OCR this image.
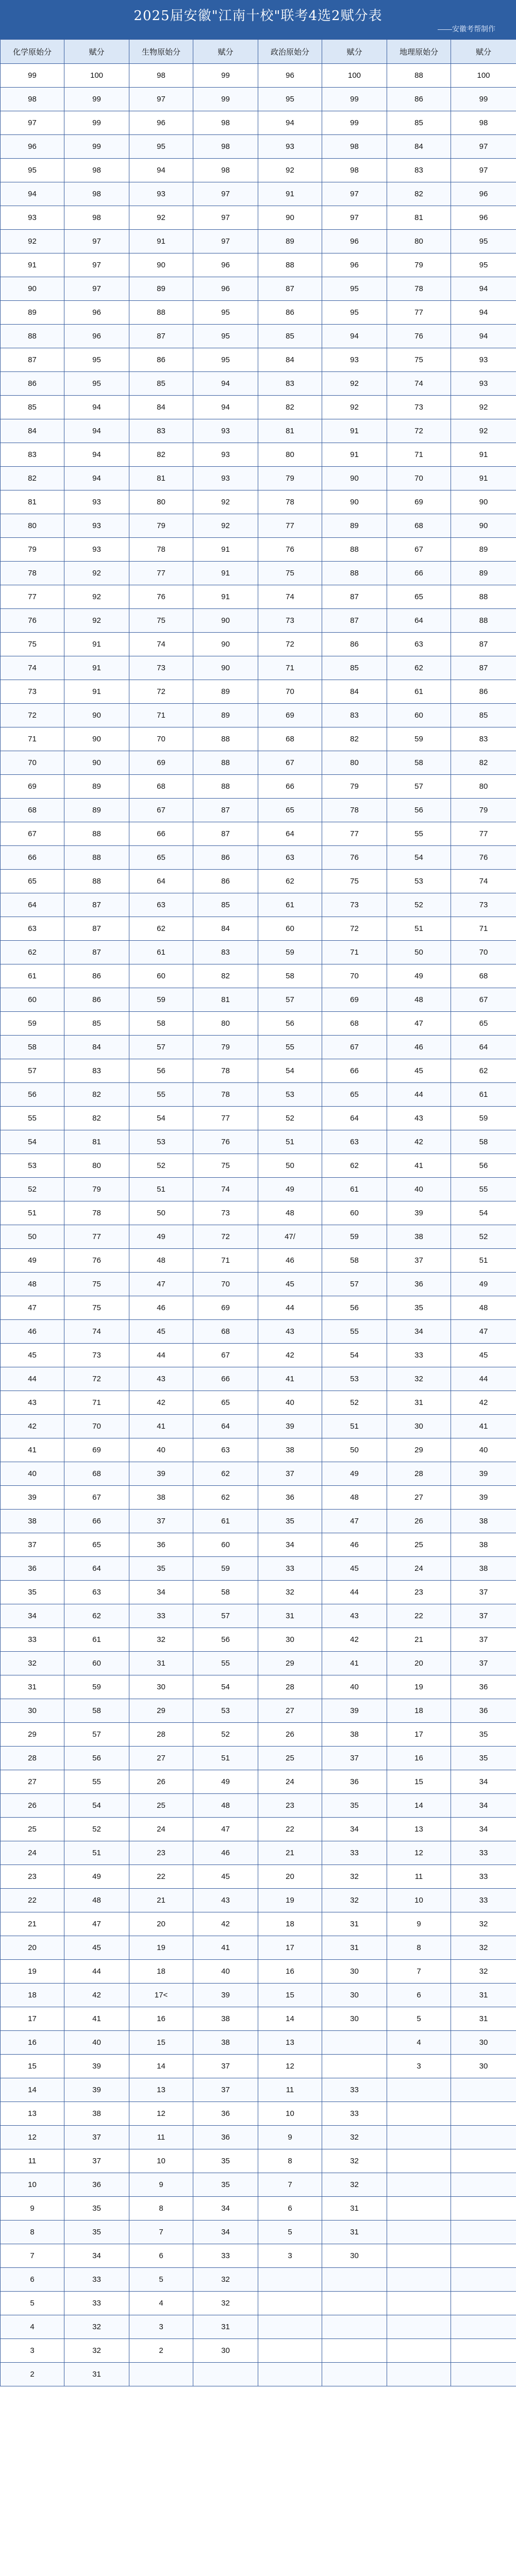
2025届安徽"江南十校"联考4选2赋分表
——安徽考帮制作
化学原始分	赋分	生物原始分	赋分	政治原始分	赋分	地理原始分	赋分
99	100	98	99	96	100	88	100
98	99	97	99	95	99	86	99
97	99	96	98	94	99	85	98
96	99	95	98	93	98	84	97
95	98	94	98	92	98	83	97
94	98	93	97	91	97	82	96
93	98	92	97	90	97	81	96
92	97	91	97	89	96	80	95
91	97	90	96	88	96	79	95
90	97	89	96	87	95	78	94
89	96	88	95	86	95	77	94
88	96	87	95	85	94	76	94
87	95	86	95	84	93	75	93
86	95	85	94	83	92	74	93
85	94	84	94	82	92	73	92
84	94	83	93	81	91	72	92
83	94	82	93	80	91	71	91
82	94	81	93	79	90	70	91
81	93	80	92	78	90	69	90
80	93	79	92	77	89	68	90
79	93	78	91	76	88	67	89
78	92	77	91	75	88	66	89
77	92	76	91	74	87	65	88
76	92	75	90	73	87	64	88
75	91	74	90	72	86	63	87
74	91	73	90	71	85	62	87
73	91	72	89	70	84	61	86
72	90	71	89	69	83	60	85
71	90	70	88	68	82	59	83
70	90	69	88	67	80	58	82
69	89	68	88	66	79	57	80
68	89	67	87	65	78	56	79
67	88	66	87	64	77	55	77
66	88	65	86	63	76	54	76
65	88	64	86	62	75	53	74
64	87	63	85	61	73	52	73
63	87	62	84	60	72	51	71
62	87	61	83	59	71	50	70
61	86	60	82	58	70	49	68
60	86	59	81	57	69	48	67
59	85	58	80	56	68	47	65
58	84	57	79	55	67	46	64
57	83	56	78	54	66	45	62
56	82	55	78	53	65	44	61
55	82	54	77	52	64	43	59
54	81	53	76	51	63	42	58
53	80	52	75	50	62	41	56
52	79	51	74	49	61	40	55
51	78	50	73	48	60	39	54
50	77	49	72	47/	59	38	52
49	76	48	71	46	58	37	51
48	75	47	70	45	57	36	49
47	75	46	69	44	56	35	48
46	74	45	68	43	55	34	47
45	73	44	67	42	54	33	45
44	72	43	66	41	53	32	44
43	71	42	65	40	52	31	42
42	70	41	64	39	51	30	41
41	69	40	63	38	50	29	40
40	68	39	62	37	49	28	39
39	67	38	62	36	48	27	39
38	66	37	61	35	47	26	38
37	65	36	60	34	46	25	38
36	64	35	59	33	45	24	38
35	63	34	58	32	44	23	37
34	62	33	57	31	43	22	37
33	61	32	56	30	42	21	37
32	60	31	55	29	41	20	37
31	59	30	54	28	40	19	36
30	58	29	53	27	39	18	36
29	57	28	52	26	38	17	35
28	56	27	51	25	37	16	35
27	55	26	49	24	36	15	34
26	54	25	48	23	35	14	34
25	52	24	47	22	34	13	34
24	51	23	46	21	33	12	33
23	49	22	45	20	32	11	33
22	48	21	43	19	32	10	33
21	47	20	42	18	31	9	32
20	45	19	41	17	31	8	32
19	44	18	40	16	30	7	32
18	42	17<	39	15	30	6	31
17	41	16	38	14	30	5	31
16	40	15	38	13		4	30
15	39	14	37	12		3	30
14	39	13	37	11	33		
13	38	12	36	10	33		
12	37	11	36	9	32		
11	37	10	35	8	32		
10	36	9	35	7	32		
9	35	8	34	6	31		
8	35	7	34	5	31		
7	34	6	33	3	30		
6	33	5	32				
5	33	4	32				
4	32	3	31				
3	32	2	30				
2	31						
